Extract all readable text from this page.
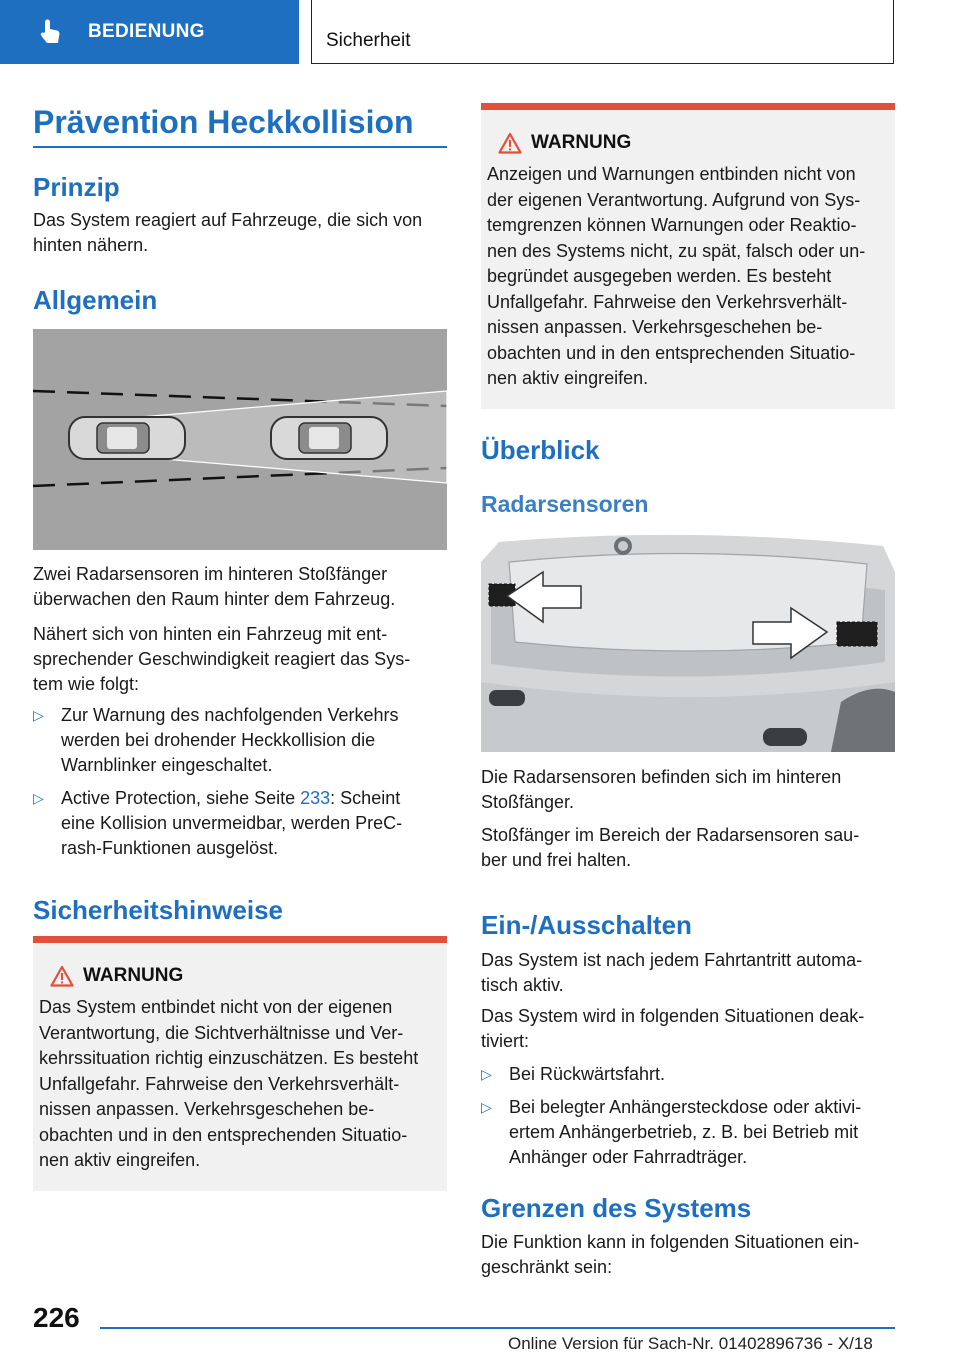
BEDIENUNG	Sicherheit
Prävention Heckkollision
Prinzip
Das System reagiert auf Fahrzeuge, die sich von
hinten nähern.
Allgemein
Zwei Radarsensoren im hinteren Stoßfänger
überwachen den Raum hinter dem Fahrzeug.
Nähert sich von hinten ein Fahrzeug mit ent-
sprechender Geschwindigkeit reagiert das Sys-
tem wie folgt:
▷ Zur Warnung des nachfolgenden Verkehrs
werden bei drohender Heckkollision die
Warnblinker eingeschaltet.
▷ Active Protection, siehe Seite 233: Scheint
eine Kollision unvermeidbar, werden PreC-
rash-Funktionen ausgelöst.
Sicherheitshinweise
WARNUNG
Das System entbindet nicht von der eigenen
Verantwortung, die Sichtverhältnisse und Ver-
kehrssituation richtig einzuschätzen. Es besteht
Unfallgefahr. Fahrweise den Verkehrsverhält-
nissen anpassen. Verkehrsgeschehen be-
obachten und in den entsprechenden Situatio-
nen aktiv eingreifen.
WARNUNG
Anzeigen und Warnungen entbinden nicht von
der eigenen Verantwortung. Aufgrund von Sys-
temgrenzen können Warnungen oder Reaktio-
nen des Systems nicht, zu spät, falsch oder un-
begründet ausgegeben werden. Es besteht
Unfallgefahr. Fahrweise den Verkehrsverhält-
nissen anpassen. Verkehrsgeschehen be-
obachten und in den entsprechenden Situatio-
nen aktiv eingreifen.
Überblick
Radarsensoren
Die Radarsensoren befinden sich im hinteren
Stoßfänger.
Stoßfänger im Bereich der Radarsensoren sau-
ber und frei halten.
Ein-/Ausschalten
Das System ist nach jedem Fahrtantritt automa-
tisch aktiv.
Das System wird in folgenden Situationen deak-
tiviert:
▷ Bei Rückwärtsfahrt.
▷ Bei belegter Anhängersteckdose oder aktivi-
ertem Anhängerbetrieb, z. B. bei Betrieb mit
Anhänger oder Fahrradträger.
Grenzen des Systems
Die Funktion kann in folgenden Situationen ein-
geschränkt sein:
226
Online Version für Sach-Nr. 01402896736 - X/18
